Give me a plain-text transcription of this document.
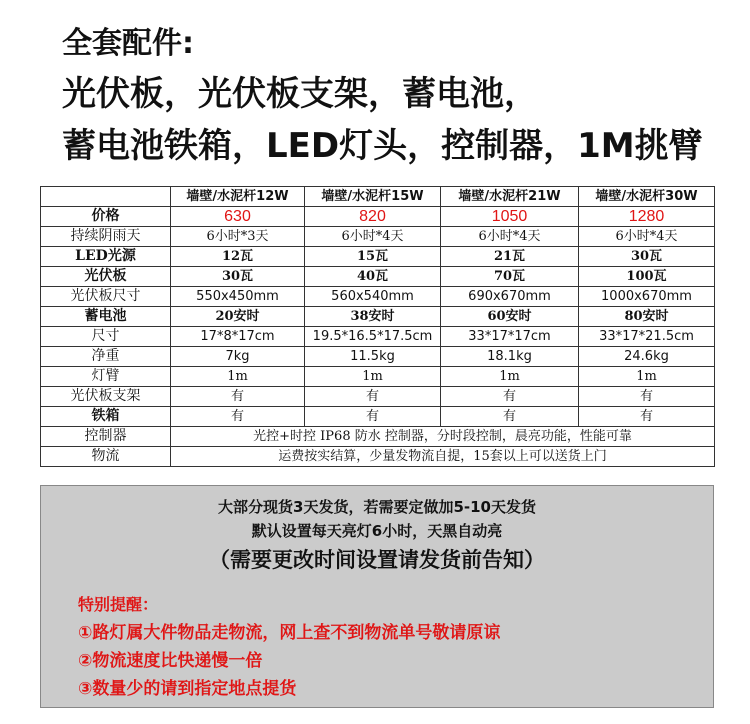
全套配件:
光伏板，光伏板支架，蓄电池，
蓄电池铁箱，LED灯头，控制器，1M挑臂
	墙壁/水泥杆12W	墙壁/水泥杆15W	墙壁/水泥杆21W	墙壁/水泥杆30W
价格	630	820	1050	1280
持续阴雨天	6小时*3天	6小时*4天	6小时*4天	6小时*4天
LED光源	12瓦	15瓦	21瓦	30瓦
光伏板	30瓦	40瓦	70瓦	100瓦
光伏板尺寸	550x450mm	560x540mm	690x670mm	1000x670mm
蓄电池	20安时	38安时	60安时	80安时
尺寸	17*8*17cm	19.5*16.5*17.5cm	33*17*17cm	33*17*21.5cm
净重	7kg	11.5kg	18.1kg	24.6kg
灯臂	1m	1m	1m	1m
光伏板支架	有	有	有	有
铁箱	有	有	有	有
控制器	光控+时控 IP68 防水 控制器，分时段控制，晨亮功能，性能可靠			
物流	运费按实结算，少量发物流自提，15套以上可以送货上门			
大部分现货3天发货，若需要定做加5-10天发货
默认设置每天亮灯6小时，天黑自动亮
（需要更改时间设置请发货前告知）
特别提醒：
①路灯属大件物品走物流，网上查不到物流单号敬请原谅
②物流速度比快递慢一倍
③数量少的请到指定地点提货
